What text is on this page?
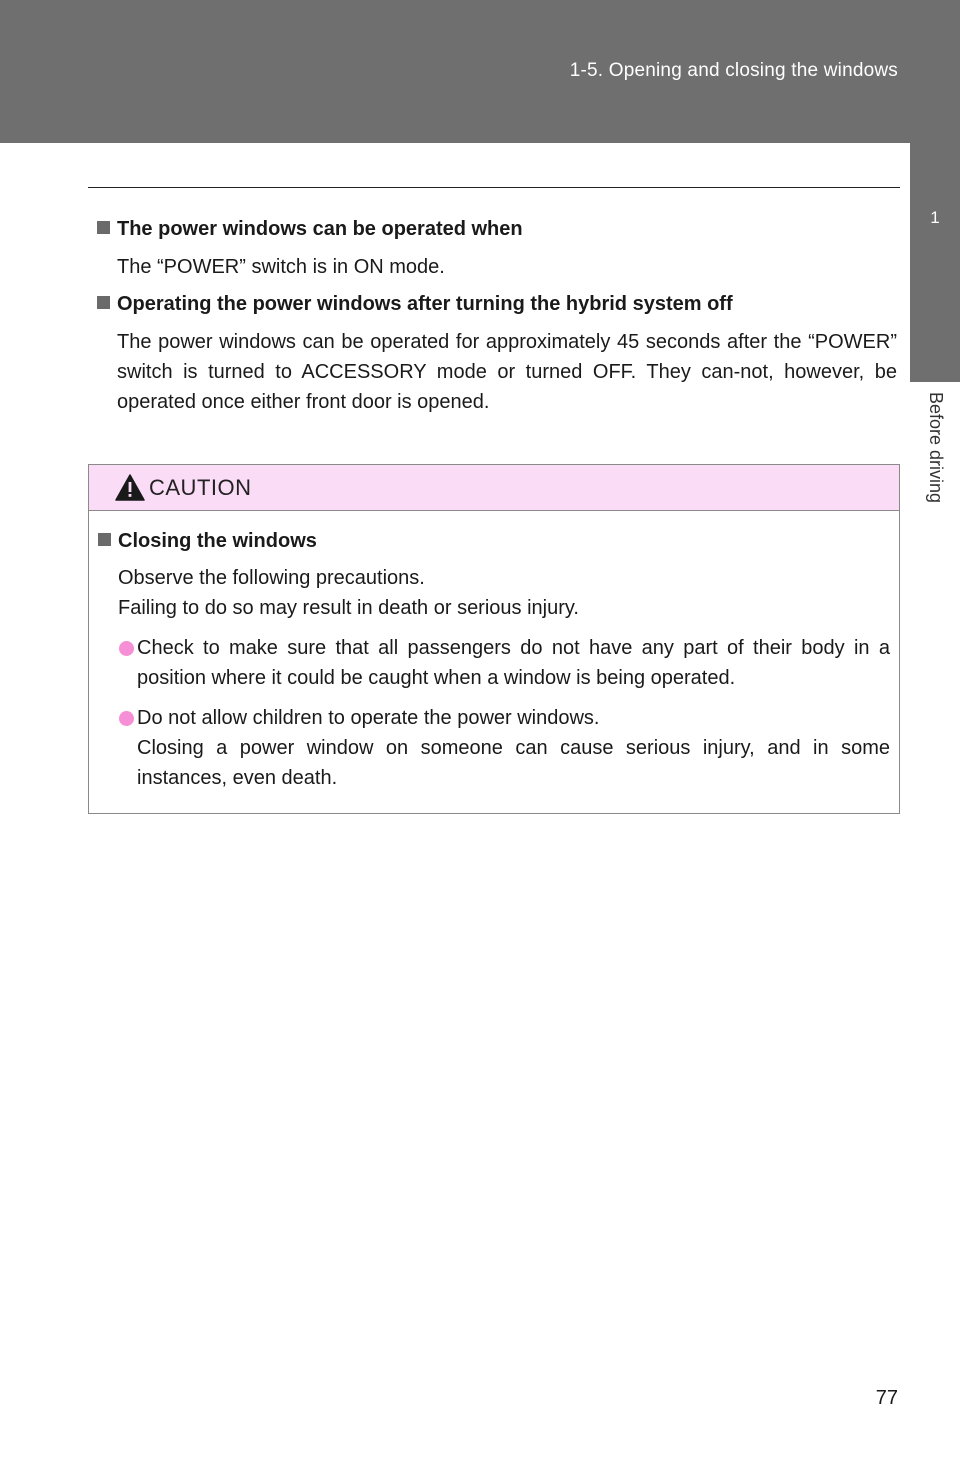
1-5. Opening and closing the windows
1
Before driving

The power windows can be operated when

The “POWER” switch is in ON mode.

Operating the power windows after turning the hybrid system off

The power windows can be operated for approximately 45 seconds after the “POWER” switch is turned to ACCESSORY mode or turned OFF. They can-not, however, be operated once either front door is opened.

CAUTION

Closing the windows

Observe the following precautions.
Failing to do so may result in death or serious injury.
Check to make sure that all passengers do not have any part of their body in a position where it could be caught when a window is being operated.
Do not allow children to operate the power windows.
Closing a power window on someone can cause serious injury, and in some instances, even death.
77
